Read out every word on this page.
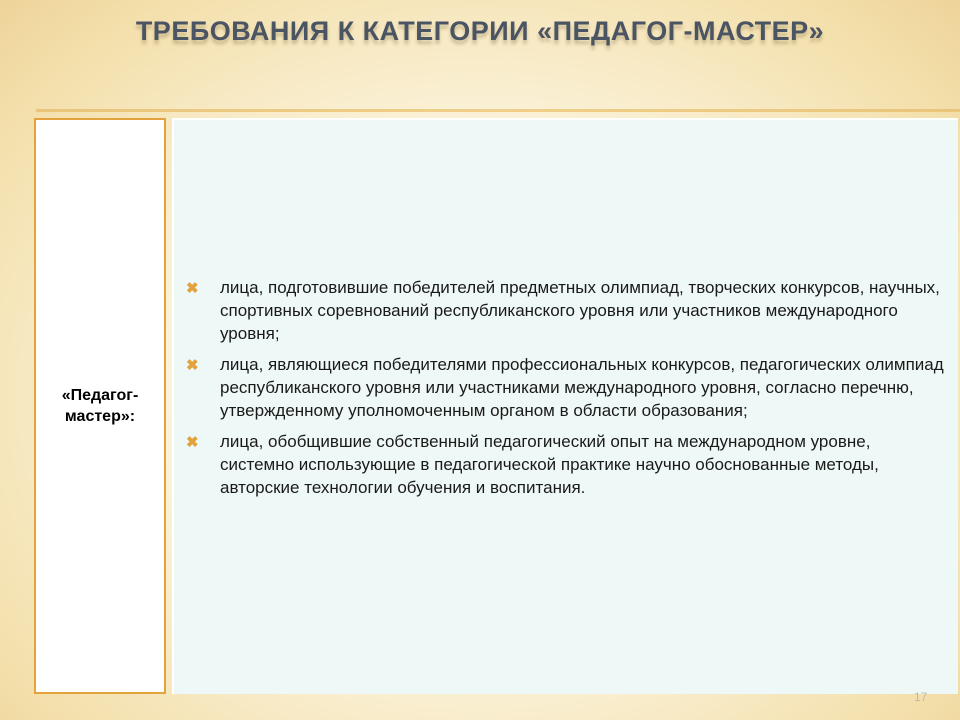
ТРЕБОВАНИЯ К КАТЕГОРИИ «ПЕДАГОГ-МАСТЕР»
«Педагог-мастер»:
✖ лица, подготовившие победителей предметных олимпиад, творческих конкурсов, научных, спортивных соревнований республиканского уровня или участников международного уровня;
✖ лица, являющиеся победителями профессиональных конкурсов, педагогических олимпиад республиканского уровня или участниками международного уровня, согласно перечню, утвержденному уполномоченным органом в области образования;
✖ лица, обобщившие собственный педагогический опыт на международном уровне, системно использующие в педагогической практике научно обоснованные методы, авторские технологии обучения и воспитания.
17
